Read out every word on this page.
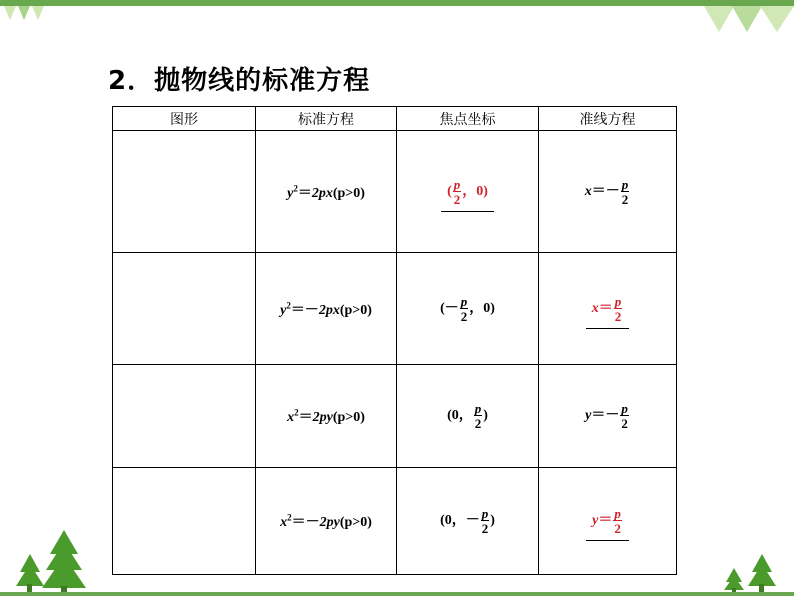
2．抛物线的标准方程
图形	标准方程	焦点坐标	准线方程
	$y^2=2px(p>0)$	( $\frac{p}{2}$ ，0)	$x=- \frac{p}{2}$

	$y^2=-2px(p>0)$	(－ $\frac{p}{2}$ ，0)	$x= \frac{p}{2}$

	$x^2=2py(p>0)$	(0， $\frac{p}{2}$ )	$y=- \frac{p}{2}$

	$x^2=-2py(p>0)$	(0，－ $\frac{p}{2}$ )	$y= \frac{p}{2}$
